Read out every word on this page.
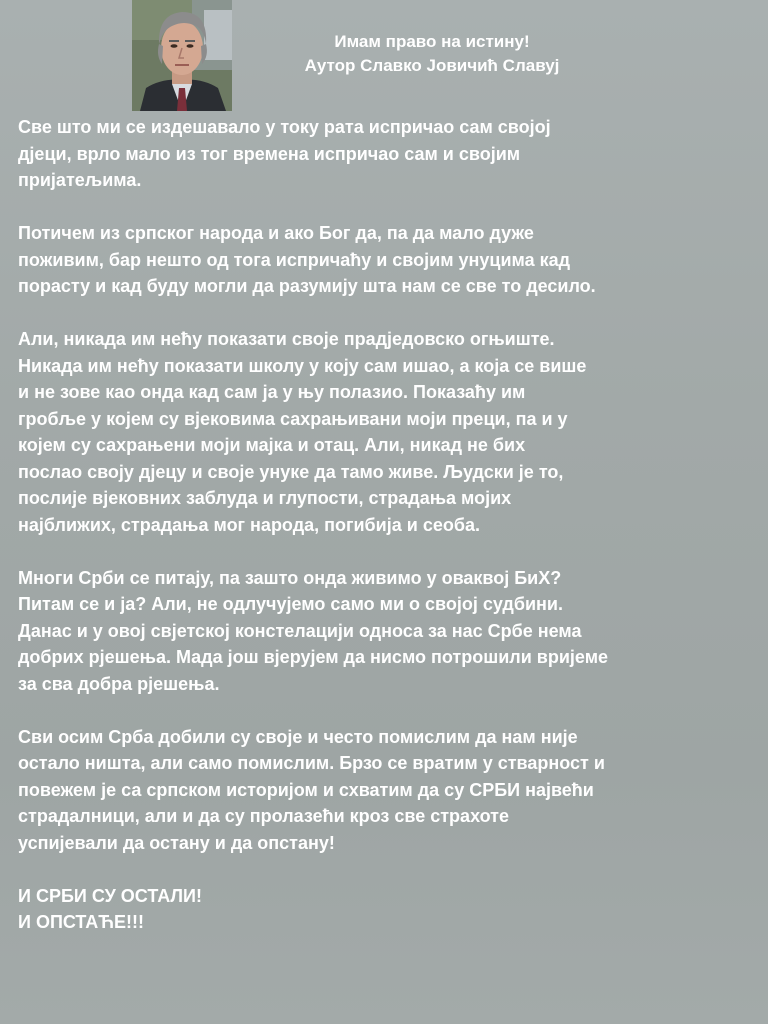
Имам право на истину!
Аутор Славко Јовичић Славуј
Све што ми се издешавало у току рата испричао сам својој
дјеци, врло мало из тог времена испричао сам и својим
пријатељима.
Потичем из српског народа и ако Бог да, па да мало дуже
поживим, бар нешто од тога испричаћу и својим унуцима кад
порасту и кад буду могли да разумију шта нам се све то десило.
Али, никада им нећу показати своје прадједовско огњиште.
Никада им нећу показати школу у коју сам ишао, а која се више
и не зове као онда кад сам ја у њу полазио. Показаћу им
гробље у којем су вјековима сахрањивани моји преци, па и у
којем су сахрањени моји мајка и отац. Али, никад не бих
послао своју дјецу и своје унуке да тамо живе. Људски је то,
послије вјековних заблуда и глупости, страдања мојих
најближих, страдања мог народа, погибија и сеоба.
Многи Срби се питају, па зашто онда живимо у оваквој БиХ?
Питам се и ја? Али, не одлучујемо само ми о својој судбини.
Данас и у овој свјетској констелацији односа за нас Србе нема
добрих рјешења. Мада још вјерујем да нисмо потрошили вријеме
за сва добра рјешења.
Сви осим Срба добили су своје и често помислим да нам није
остало ништа, али само помислим. Брзо се вратим у стварност и
повежем је са српском историјом и схватим да су СРБИ највећи
страдалници, али и да су пролазећи кроз све страхоте
успијевали да остану и да опстану!
И СРБИ СУ ОСТАЛИ!
И ОПСТАЋЕ!!!
